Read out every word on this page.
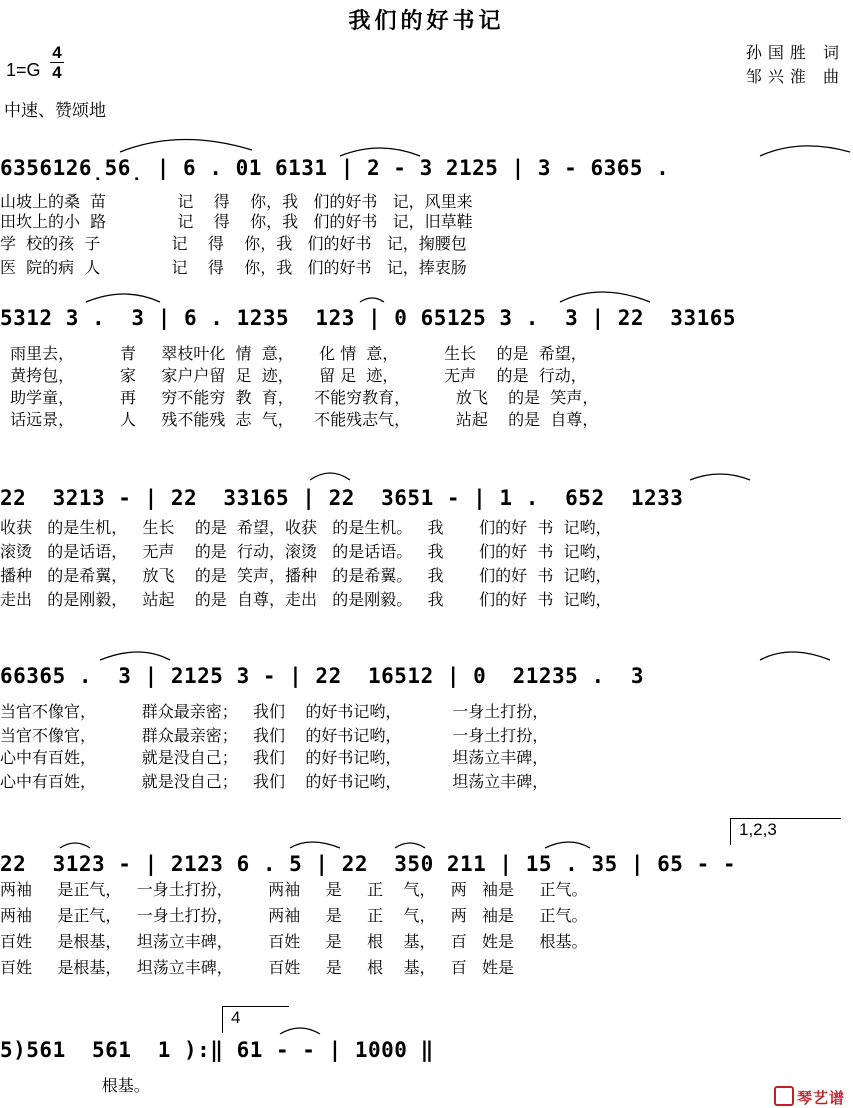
我们的好书记
1=G
4
4
孙国胜 词
邹兴淮 曲
中速、赞颂地
6356126̣56̣ | 6 . 01 6131 | 2 - 3 2125 | 3 - 6365 .
山坡上的桑  苗              记    得    你，我   们的好书   记，风里来
田坎上的小  路              记    得    你，我   们的好书   记，旧草鞋
学  校的孩  子              记    得    你，我   们的好书   记，掬腰包
医  院的病  人              记    得    你，我   们的好书   记，捧衷肠
5312 3 .  3 | 6 . 1235  123 | 0 65125 3 .  3 | 22  33165
雨里去，         青     翠枝叶化  情  意，     化 情  意，         生长    的是  希望，
黄挎包，         家     家户户留  足  迹，     留 足  迹，         无声    的是  行动，
助学童，         再     穷不能穷  教  育，    不能穷教育，         放飞    的是  笑声，
话远景，         人     残不能残  志  气，    不能残志气，         站起    的是  自尊，
22  3213 - | 22  33165 | 22  3651 - | 1 .  652  1233
收获   的是生机，   生长    的是  希望，收获   的是生机。   我       们的好  书  记哟，
滚烫   的是话语，   无声    的是  行动，滚烫   的是话语。   我       们的好  书  记哟，
播种   的是希翼，   放飞    的是  笑声，播种   的是希翼。   我       们的好  书  记哟，
走出   的是刚毅，   站起    的是  自尊，走出   的是刚毅。   我       们的好  书  记哟，
66365 .  3 | 2125 3 - | 22  16512 | 0  21235 .  3
当官不像官，         群众最亲密；   我们    的好书记哟，          一身土打扮，
当官不像官，         群众最亲密；   我们    的好书记哟，          一身土打扮，
心中有百姓，         就是没自己；   我们    的好书记哟，          坦荡立丰碑，
心中有百姓，         就是没自己；   我们    的好书记哟，          坦荡立丰碑，
1,2,3
22  3123 - | 2123 6 . 5 | 22  350 211 | 15 . 35 | 65 - -
两袖     是正气，   一身土打扮，       两袖     是     正    气，   两   袖是     正气。
两袖     是正气，   一身土打扮，       两袖     是     正    气，   两   袖是     正气。
百姓     是根基，   坦荡立丰碑，       百姓     是     根    基，   百   姓是     根基。
百姓     是根基，   坦荡立丰碑，       百姓     是     根    基，   百   姓是
4
5)561  561  1 ):‖ 61 - - | 1000 ‖
根基。

琴艺谱
